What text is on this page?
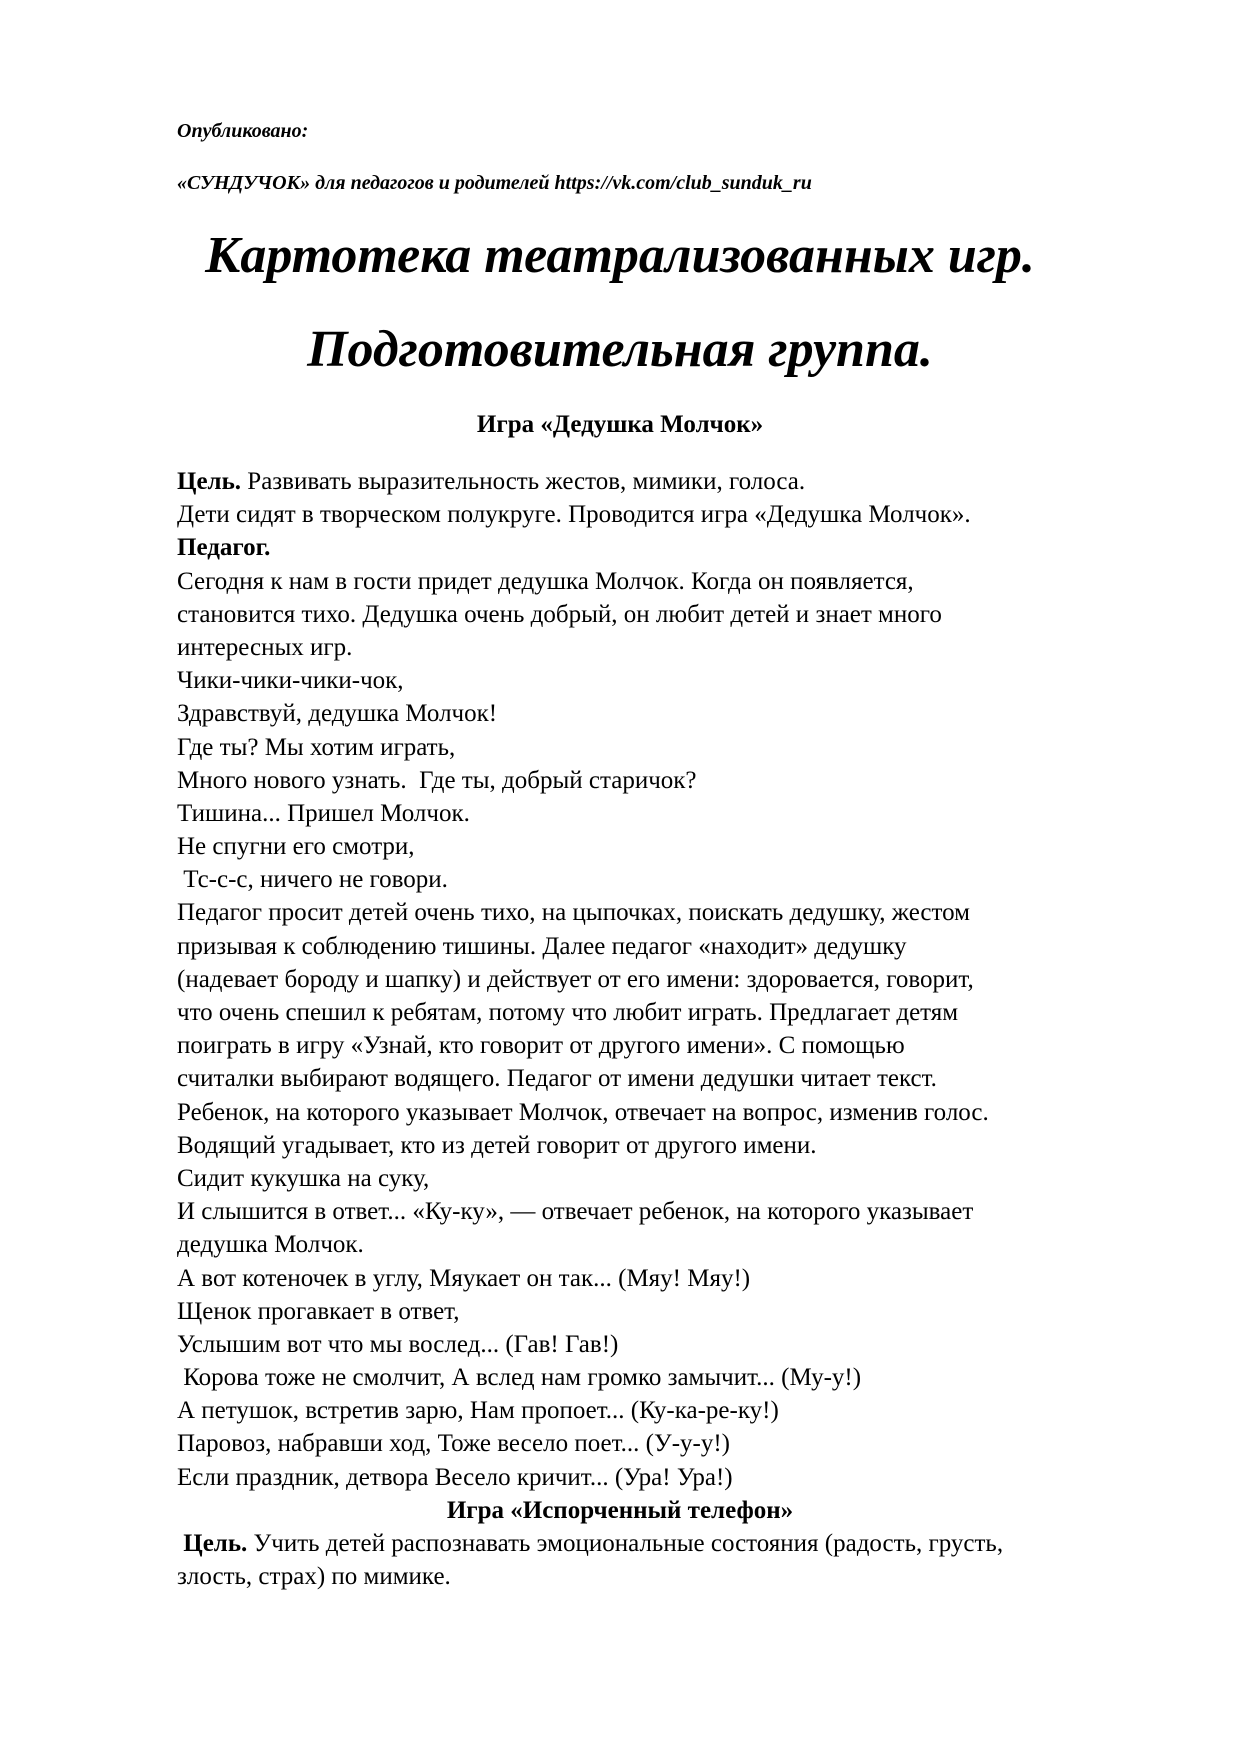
Опубликовано:
«СУНДУЧОК» для педагогов и родителей https://vk.com/club_sunduk_ru
Картотека театрализованных игр.
Подготовительная группа.
Игра «Дедушка Молчок»
Цель. Развивать выразительность жестов, мимики, голоса.
Дети сидят в творческом полукруге. Проводится игра «Дедушка Молчок».
Педагог.
Сегодня к нам в гости придет дедушка Молчок. Когда он появляется,
становится тихо. Дедушка очень добрый, он любит детей и знает много
интересных игр.
Чики-чики-чики-чок,
Здравствуй, дедушка Молчок!
Где ты? Мы хотим играть,
Много нового узнать.  Где ты, добрый старичок?
Тишина... Пришел Молчок.
Не спугни его смотри,
Тс-с-с, ничего не говори.
Педагог просит детей очень тихо, на цыпочках, поискать дедушку, жестом
призывая к соблюдению тишины. Далее педагог «находит» дедушку
(надевает бороду и шапку) и действует от его имени: здоровается, говорит,
что очень спешил к ребятам, потому что любит играть. Предлагает детям
поиграть в игру «Узнай, кто говорит от другого имени». С помощью
считалки выбирают водящего. Педагог от имени дедушки читает текст.
Ребенок, на которого указывает Молчок, отвечает на вопрос, изменив голос.
Водящий угадывает, кто из детей говорит от другого имени.
Сидит кукушка на суку,
И слышится в ответ... «Ку-ку», — отвечает ребенок, на которого указывает
дедушка Молчок.
А вот котеночек в углу, Мяукает он так... (Мяу! Мяу!)
Щенок прогавкает в ответ,
Услышим вот что мы вослед... (Гав! Гав!)
Корова тоже не смолчит, А вслед нам громко замычит... (Му-у!)
А петушок, встретив зарю, Нам пропоет... (Ку-ка-ре-ку!)
Паровоз, набравши ход, Тоже весело поет... (У-у-у!)
Если праздник, детвора Весело кричит... (Ура! Ура!)
Игра «Испорченный телефон»
Цель. Учить детей распознавать эмоциональные состояния (радость, грусть,
злость, страх) по мимике.
